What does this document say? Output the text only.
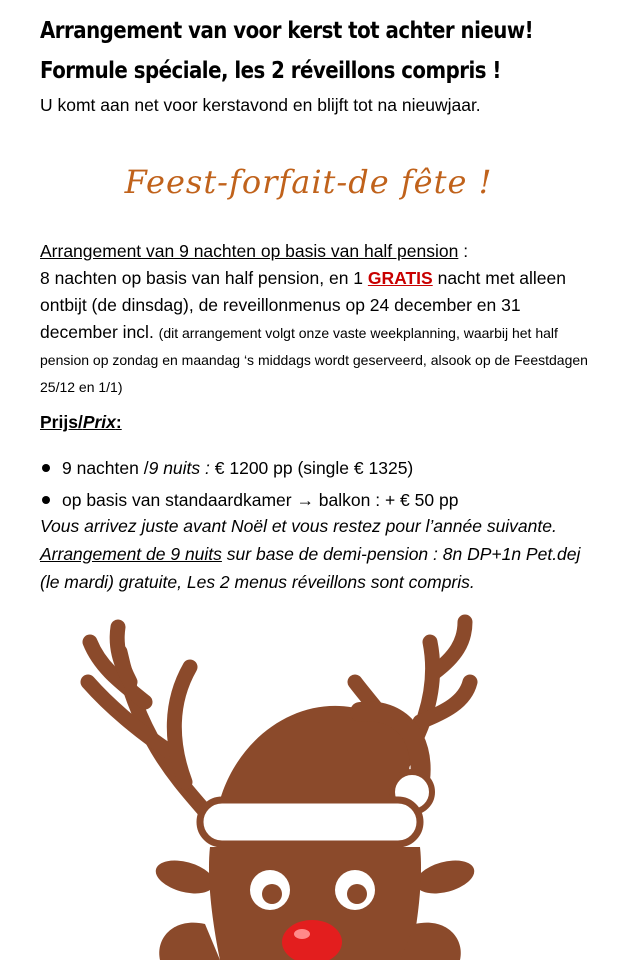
Arrangement van voor kerst tot achter nieuw!
Formule spéciale, les 2 réveillons compris !
U komt aan net voor kerstavond en blijft tot na nieuwjaar.
Feest-forfait-de fête !
Arrangement van 9 nachten op basis van half pension :
8 nachten op basis van half pension, en 1 GRATIS nacht met alleen ontbijt (de dinsdag), de reveillonmenus op 24 december en 31 december incl. (dit arrangement volgt onze vaste weekplanning, waarbij het half pension op zondag en maandag ‘s middags wordt geserveerd, alsook op de Feestdagen 25/12 en 1/1)
Prijs/Prix:
9 nachten /9 nuits : € 1200 pp (single € 1325)
op basis van standaardkamer → balkon : + € 50 pp
Vous arrivez juste avant Noël et vous restez pour l’année suivante. Arrangement de 9 nuits sur base de demi-pension : 8n DP+1n Pet.dej (le mardi) gratuite, Les 2 menus réveillons sont compris.
